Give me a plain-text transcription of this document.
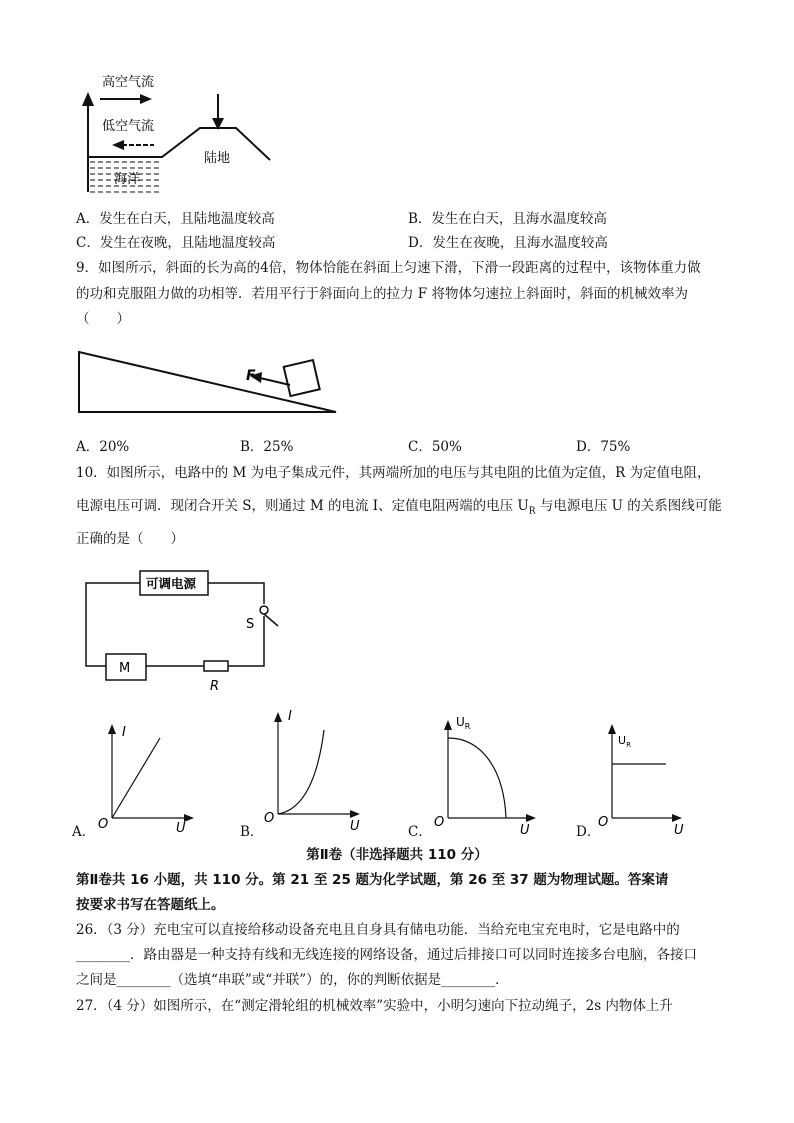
高空气流
低空气流
海洋
陆地
A．发生在白天，且陆地温度较高	B．发生在白天，且海水温度较高
C．发生在夜晚，且陆地温度较高	D．发生在夜晚，且海水温度较高
9．如图所示，斜面的长为高的4倍，物体恰能在斜面上匀速下滑，下滑一段距离的过程中，该物体重力做
的功和克服阻力做的功相等．若用平行于斜面向上的拉力 F 将物体匀速拉上斜面时，斜面的机械效率为
（　　）
F
A．20%	B．25%	C．50%	D．75%
10．如图所示，电路中的 M 为电子集成元件，其两端所加的电压与其电阻的比值为定值，R 为定值电阻，
电源电压可调．现闭合开关 S，则通过 M 的电流 I、定值电阻两端的电压 $U_R$ 与电源电压 U 的关系图线可能
正确的是（　　）
可调电源
S
M
R
A．
I
U
O	B．
I
U
O
C．
$U_R$
U
O
D．
$U_R$
U
O
第Ⅱ卷（非选择题共 110 分）
第Ⅱ卷共 16 小题，共 110 分。第 21 至 25 题为化学试题，第 26 至 37 题为物理试题。答案请
按要求书写在答题纸上。
26．（3 分）充电宝可以直接给移动设备充电且自身具有储电功能．当给充电宝充电时，它是电路中的
________．路由器是一种支持有线和无线连接的网络设备，通过后排接口可以同时连接多台电脑，各接口
之间是________（选填“串联”或“并联”）的，你的判断依据是________．
27．（4 分）如图所示，在“测定滑轮组的机械效率”实验中，小明匀速向下拉动绳子，2s 内物体上升
